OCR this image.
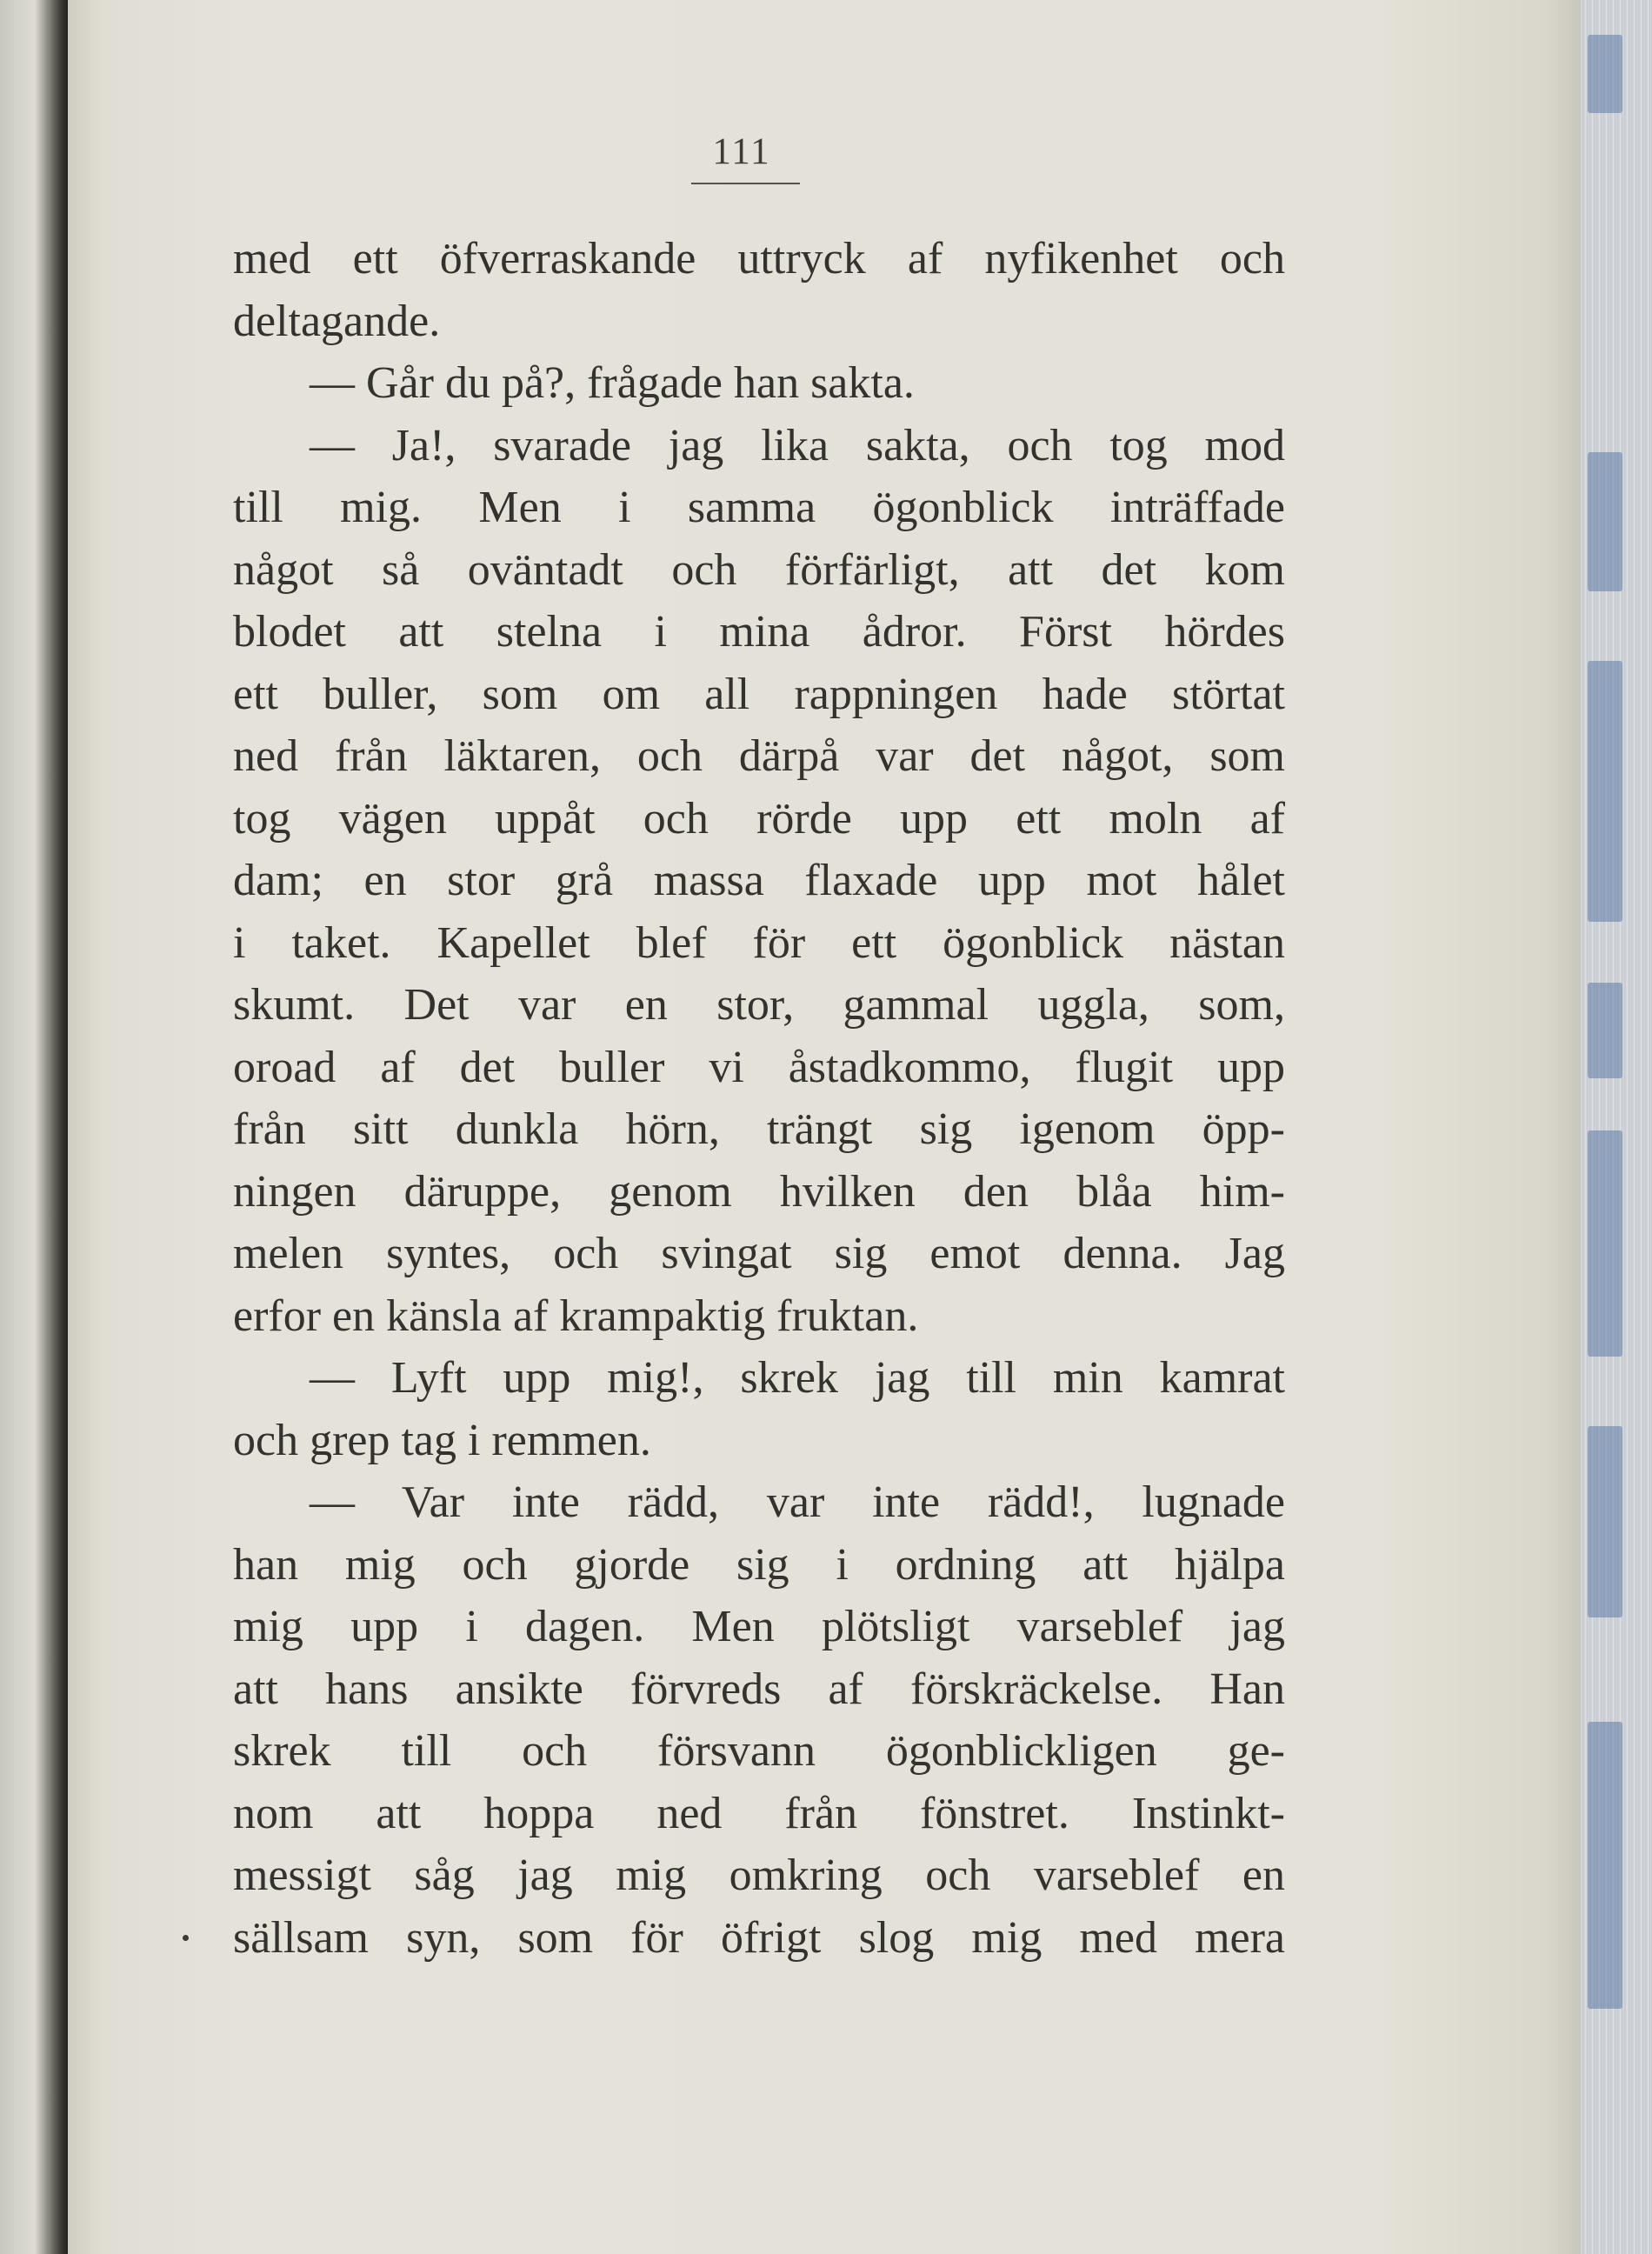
111
med ett öfverraskande uttryck af nyfikenhet och
deltagande.
— Går du på?, frågade han sakta.
— Ja!, svarade jag lika sakta, och tog mod
till mig. Men i samma ögonblick inträffade
något så oväntadt och förfärligt, att det kom
blodet att stelna i mina ådror. Först hördes
ett buller, som om all rappningen hade störtat
ned från läktaren, och därpå var det något, som
tog vägen uppåt och rörde upp ett moln af
dam; en stor grå massa flaxade upp mot hålet
i taket. Kapellet blef för ett ögonblick nästan
skumt. Det var en stor, gammal uggla, som,
oroad af det buller vi åstadkommo, flugit upp
från sitt dunkla hörn, trängt sig igenom öpp-
ningen däruppe, genom hvilken den blåa him-
melen syntes, och svingat sig emot denna. Jag
erfor en känsla af krampaktig fruktan.
— Lyft upp mig!, skrek jag till min kamrat
och grep tag i remmen.
— Var inte rädd, var inte rädd!, lugnade
han mig och gjorde sig i ordning att hjälpa
mig upp i dagen. Men plötsligt varseblef jag
att hans ansikte förvreds af förskräckelse. Han
skrek till och försvann ögonblickligen ge-
nom att hoppa ned från fönstret. Instinkt-
messigt såg jag mig omkring och varseblef en
sällsam syn, som för öfrigt slog mig med mera
